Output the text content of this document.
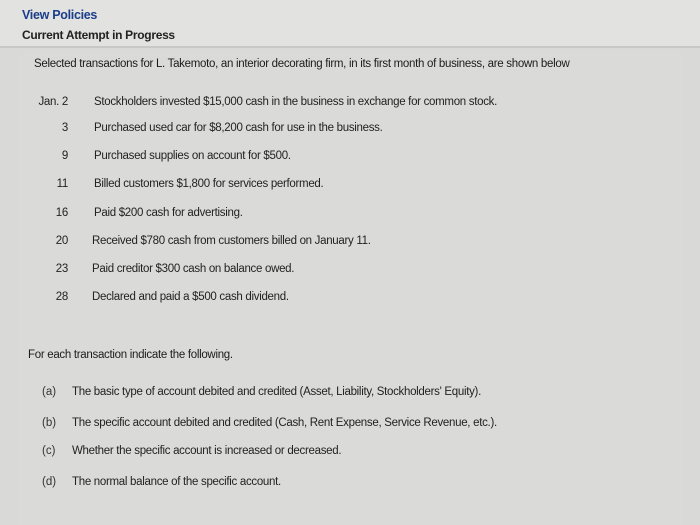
View Policies
Current Attempt in Progress
Selected transactions for L. Takemoto, an interior decorating firm, in its first month of business, are shown below
Jan. 2 Stockholders invested $15,000 cash in the business in exchange for common stock.
3 Purchased used car for $8,200 cash for use in the business.
9 Purchased supplies on account for $500.
11 Billed customers $1,800 for services performed.
16 Paid $200 cash for advertising.
20 Received $780 cash from customers billed on January 11.
23 Paid creditor $300 cash on balance owed.
28 Declared and paid a $500 cash dividend.
For each transaction indicate the following.
(a) The basic type of account debited and credited (Asset, Liability, Stockholders' Equity).
(b) The specific account debited and credited (Cash, Rent Expense, Service Revenue, etc.).
(c) Whether the specific account is increased or decreased.
(d) The normal balance of the specific account.
